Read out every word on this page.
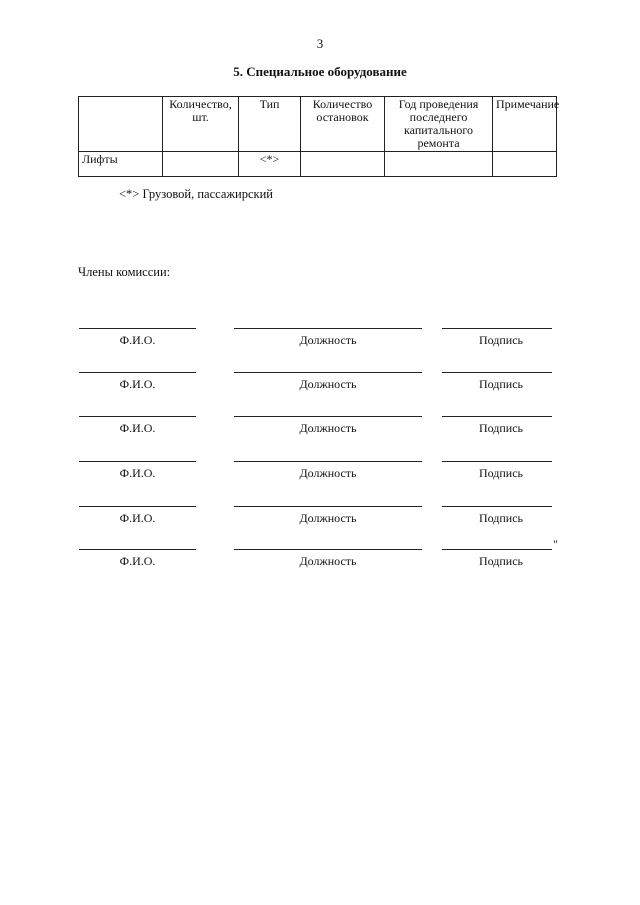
3
5. Специальное оборудование
	Количество, шт.	Тип	Количество остановок	Год проведения последнего капитального ремонта	Примечание
Лифты		<*>			
<*> Грузовой, пассажирский
Члены комиссии:
Ф.И.О.	Должность	Подпись
Ф.И.О.	Должность	Подпись
Ф.И.О.	Должность	Подпись
Ф.И.О.	Должность	Подпись
Ф.И.О.	Должность	Подпись
"
Ф.И.О.	Должность	Подпись
